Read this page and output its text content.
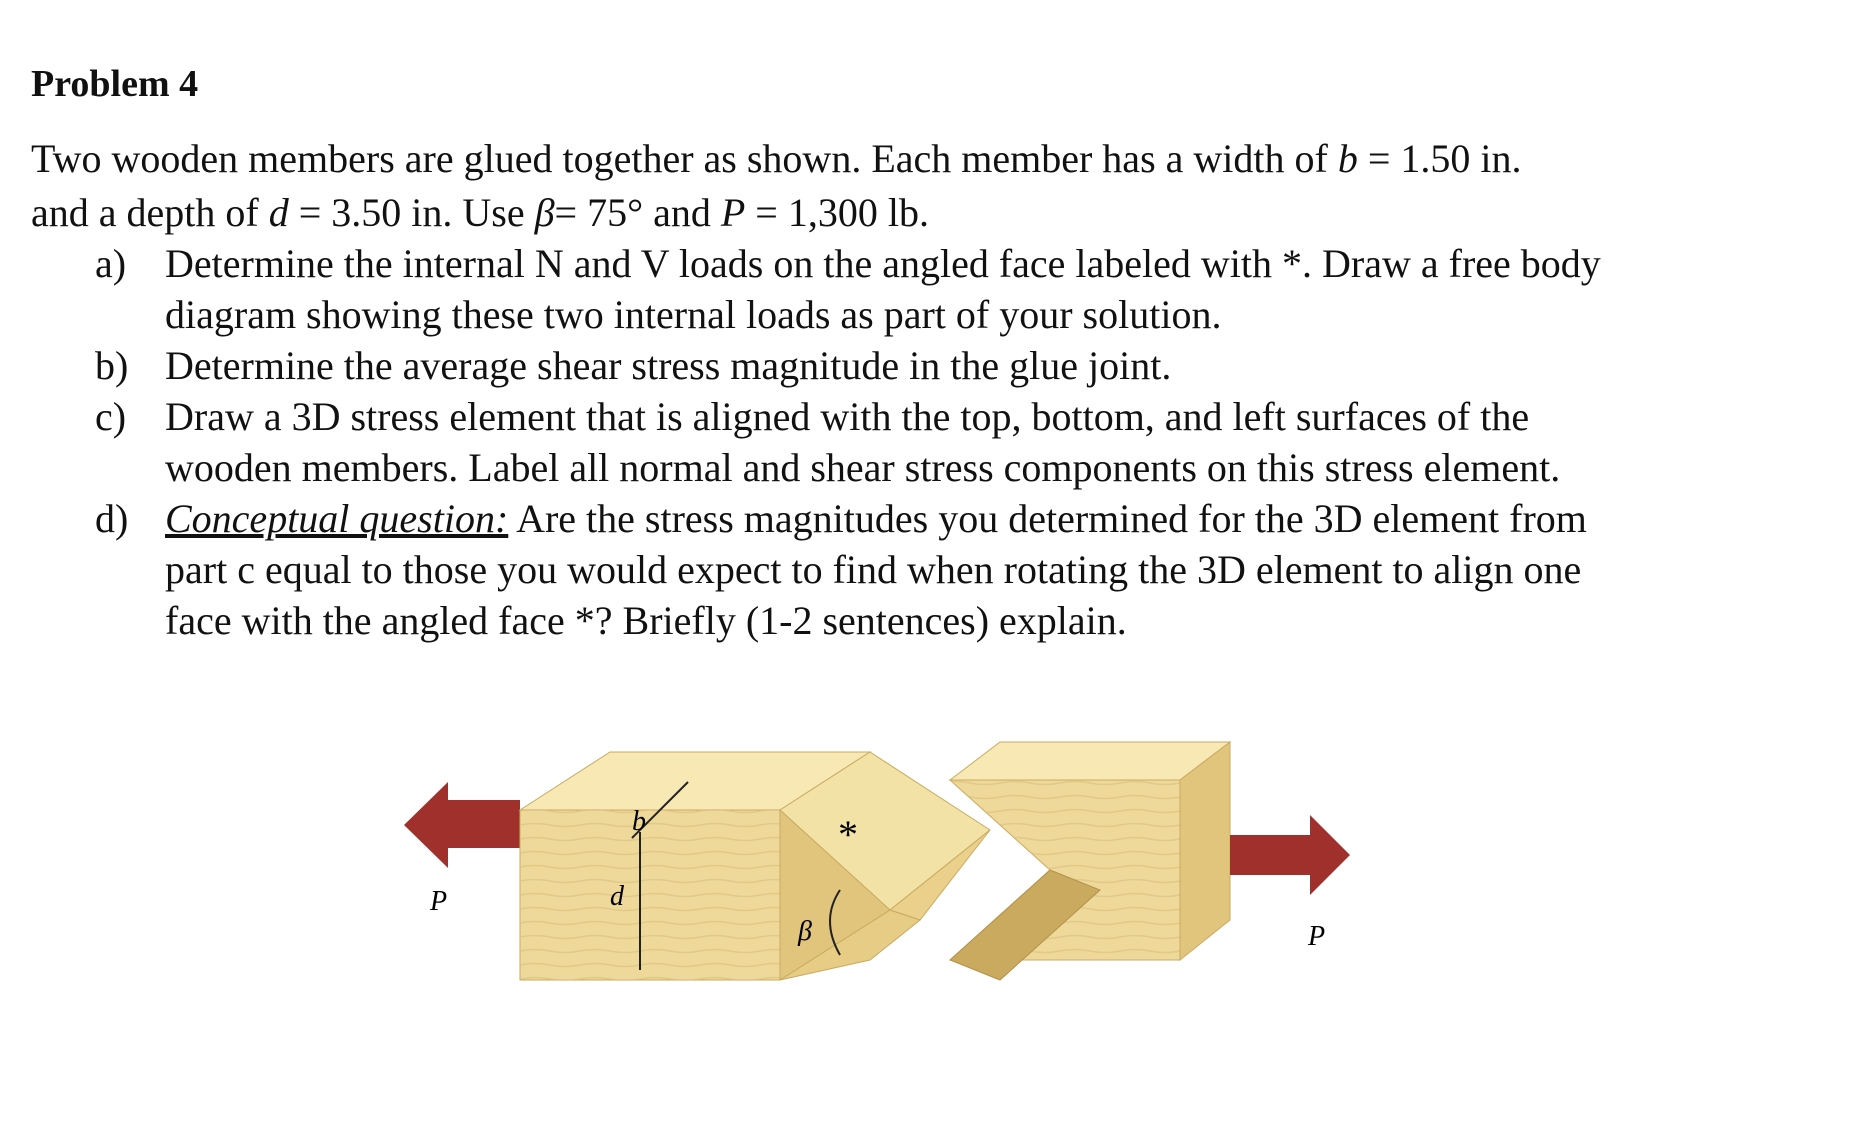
Problem 4
Two wooden members are glued together as shown. Each member has a width of b = 1.50 in.
and a depth of d = 3.50 in. Use β= 75° and P = 1,300 lb.
a) Determine the internal N and V loads on the angled face labeled with *. Draw a free body
diagram showing these two internal loads as part of your solution.
b) Determine the average shear stress magnitude in the glue joint.
c) Draw a 3D stress element that is aligned with the top, bottom, and left surfaces of the
wooden members. Label all normal and shear stress components on this stress element.
d) Conceptual question: Are the stress magnitudes you determined for the 3D element from
part c equal to those you would expect to find when rotating the 3D element to align one
face with the angled face *? Briefly (1-2 sentences) explain.
P
b
d
β
*
P
